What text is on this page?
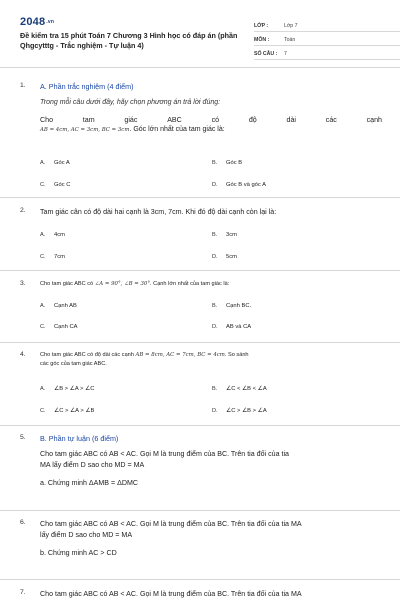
2048.vn
Đề kiểm tra 15 phút Toán 7 Chương 3 Hình học có đáp án (phần Qhgcytttg - Trắc nghiệm - Tự luận 4)
LỚP :	Lớp 7
MÔN :	Toán
SỐ CÂU :	7
1. A. Phần trắc nghiệm (4 điểm)
Trong mỗi câu dưới đây, hãy chọn phương án trả lời đúng:
Cho	tam	giác	ABC	có	độ	dài	các	cạnh
AB = 4cm, AC = 3cm, BC = 3cm. Góc lớn nhất của tam giác là:
A.	Góc A	B.	Góc B
C.	Góc C	D.	Góc B và góc A
2. Tam giác cân có độ dài hai cạnh là 3cm, 7cm. Khi đó độ dài cạnh còn lại là:
A.	4cm	B.	3cm
C.	7cm	D.	5cm
3.	Cho tam giác ABC có ∠A = 90°, ∠B = 30°. Cạnh lớn nhất của tam giác là:
A.	Cạnh AB	B.	Cạnh BC.
C.	Cạnh CA	D.	AB và CA
4.	Cho tam giác ABC có độ dài các cạnh AB = 8cm, AC = 7cm, BC = 4cm. So sánh
các góc của tam giác ABC.
A.	∠B > ∠A > ∠C	B.	∠C < ∠B < ∠A
C.	∠C > ∠A > ∠B	D.	∠C > ∠B > ∠A
5. B. Phần tự luận (6 điểm)
Cho tam giác ABC có AB < AC. Gọi M là trung điểm của BC. Trên tia đối của tia
MA lấy điểm D sao cho MD = MA
a. Chứng minh ΔAMB = ΔDMC
6. Cho tam giác ABC có AB < AC. Gọi M là trung điểm của BC. Trên tia đối của tia MA
lấy điểm D sao cho MD = MA
b. Chứng minh AC > CD
7. Cho tam giác ABC có AB < AC. Gọi M là trung điểm của BC. Trên tia đối của tia MA
